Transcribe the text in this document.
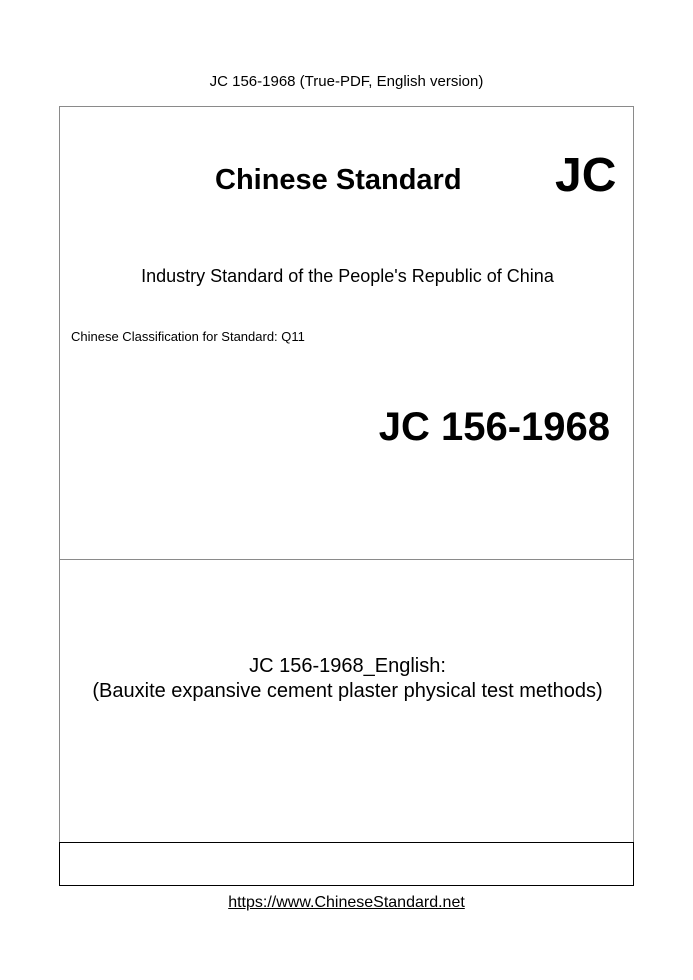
JC 156-1968 (True-PDF, English version)
Chinese Standard JC
Industry Standard of the People's Republic of China
Chinese Classification for Standard: Q11
JC 156-1968
JC 156-1968_English:
(Bauxite expansive cement plaster physical test methods)
https://www.ChineseStandard.net
